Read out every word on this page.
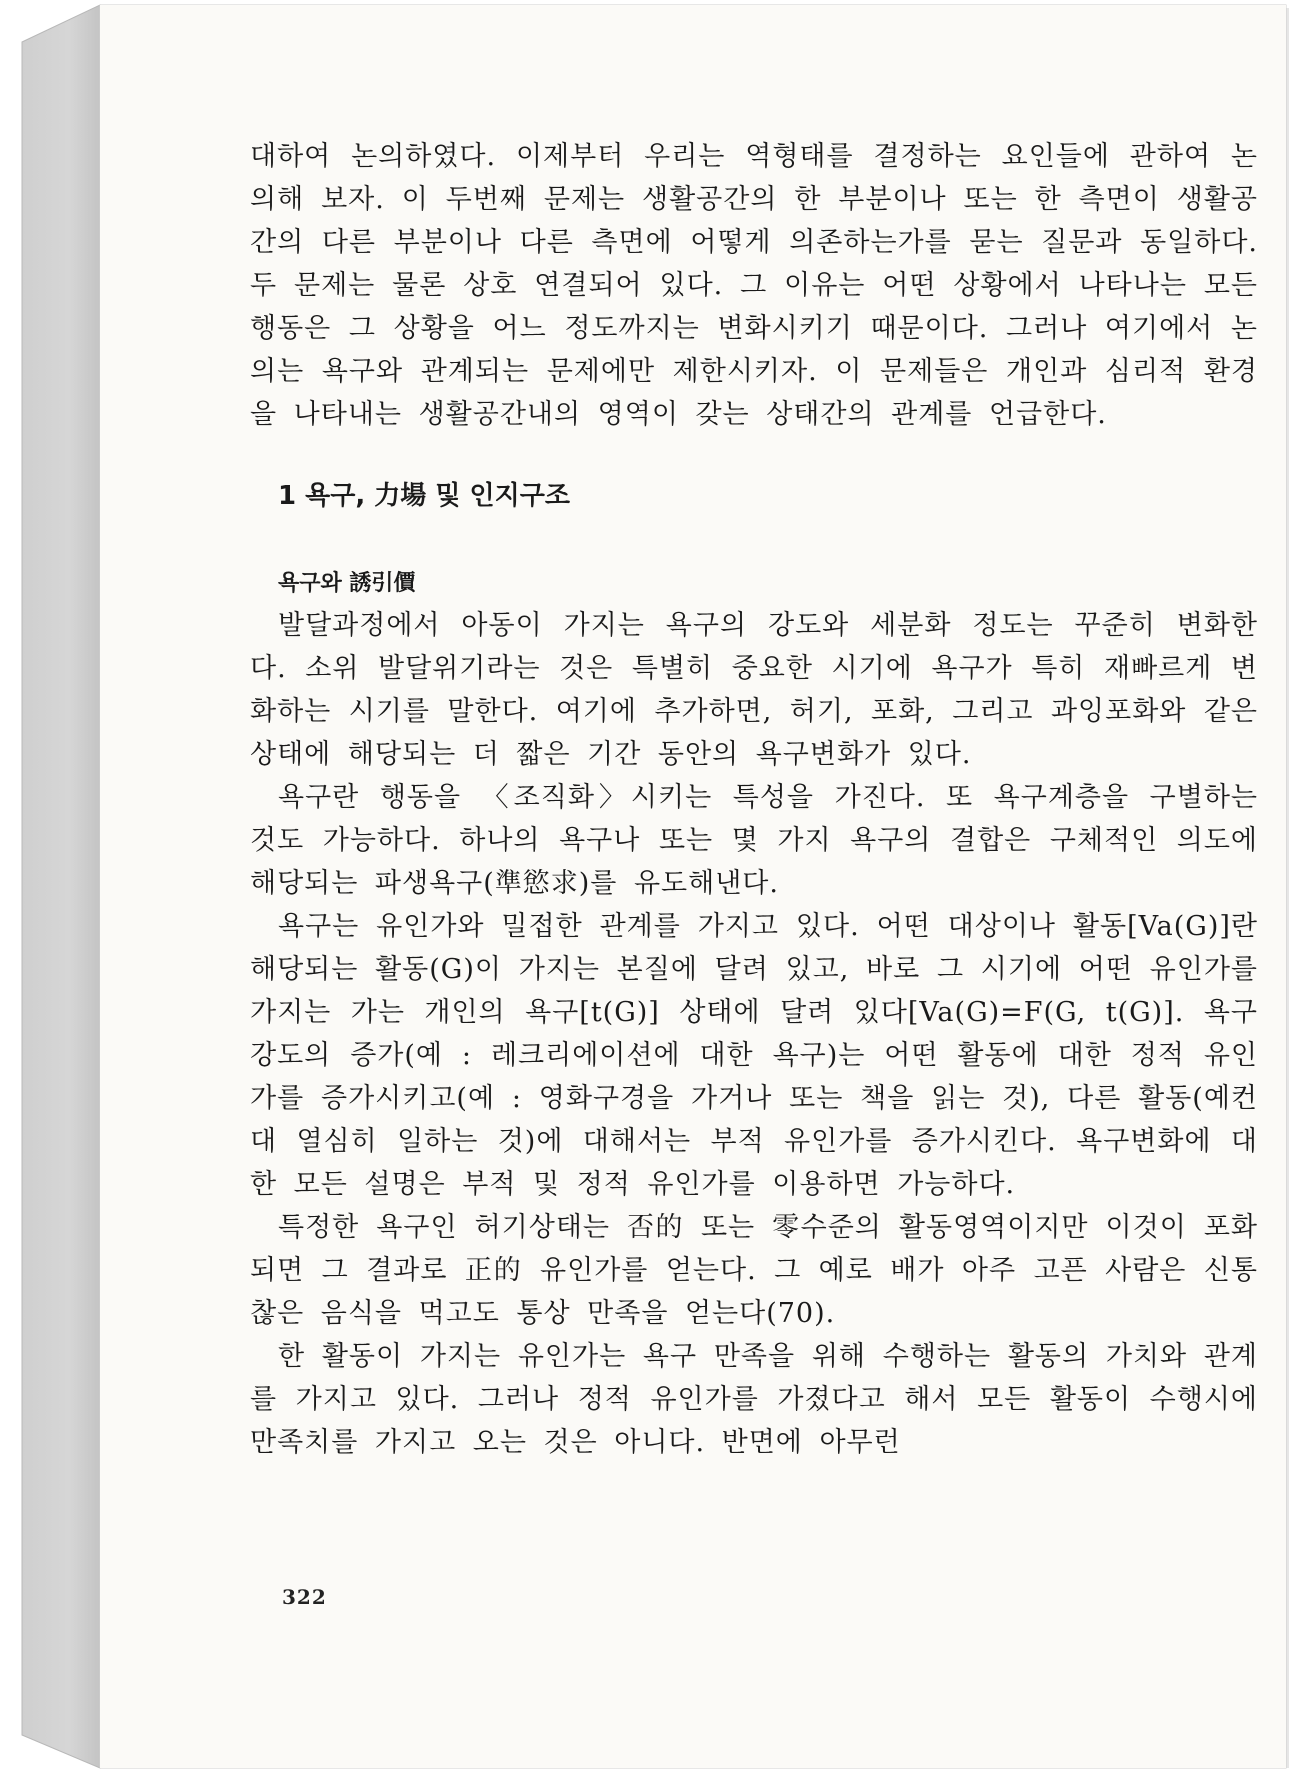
대하여 논의하였다. 이제부터 우리는 역형태를 결정하는 요인들에 관하여 논의해 보자. 이 두번째 문제는 생활공간의 한 부분이나 또는 한 측면이 생활공간의 다른 부분이나 다른 측면에 어떻게 의존하는가를 묻는 질문과 동일하다. 두 문제는 물론 상호 연결되어 있다. 그 이유는 어떤 상황에서 나타나는 모든 행동은 그 상황을 어느 정도까지는 변화시키기 때문이다. 그러나 여기에서 논의는 욕구와 관계되는 문제에만 제한시키자. 이 문제들은 개인과 심리적 환경을 나타내는 생활공간내의 영역이 갖는 상태간의 관계를 언급한다.

1 욕구, 力場 및 인지구조
욕구와 誘引價

발달과정에서 아동이 가지는 욕구의 강도와 세분화 정도는 꾸준히 변화한다. 소위 발달위기라는 것은 특별히 중요한 시기에 욕구가 특히 재빠르게 변화하는 시기를 말한다. 여기에 추가하면, 허기, 포화, 그리고 과잉포화와 같은 상태에 해당되는 더 짧은 기간 동안의 욕구변화가 있다.

욕구란 행동을 〈조직화〉시키는 특성을 가진다. 또 욕구계층을 구별하는 것도 가능하다. 하나의 욕구나 또는 몇 가지 욕구의 결합은 구체적인 의도에 해당되는 파생욕구(準慾求)를 유도해낸다.

욕구는 유인가와 밀접한 관계를 가지고 있다. 어떤 대상이나 활동[Va(G)]란 해당되는 활동(G)이 가지는 본질에 달려 있고, 바로 그 시기에 어떤 유인가를 가지는 가는 개인의 욕구[t(G)] 상태에 달려 있다[Va(G)=F(G, t(G)]. 욕구강도의 증가(예 : 레크리에이션에 대한 욕구)는 어떤 활동에 대한 정적 유인가를 증가시키고(예 : 영화구경을 가거나 또는 책을 읽는 것), 다른 활동(예컨대 열심히 일하는 것)에 대해서는 부적 유인가를 증가시킨다. 욕구변화에 대한 모든 설명은 부적 및 정적 유인가를 이용하면 가능하다.

특정한 욕구인 허기상태는 否的 또는 零수준의 활동영역이지만 이것이 포화되면 그 결과로 正的 유인가를 얻는다. 그 예로 배가 아주 고픈 사람은 신통찮은 음식을 먹고도 통상 만족을 얻는다(70).

한 활동이 가지는 유인가는 욕구 만족을 위해 수행하는 활동의 가치와 관계를 가지고 있다. 그러나 정적 유인가를 가졌다고 해서 모든 활동이 수행시에 만족치를 가지고 오는 것은 아니다. 반면에 아무런

322
